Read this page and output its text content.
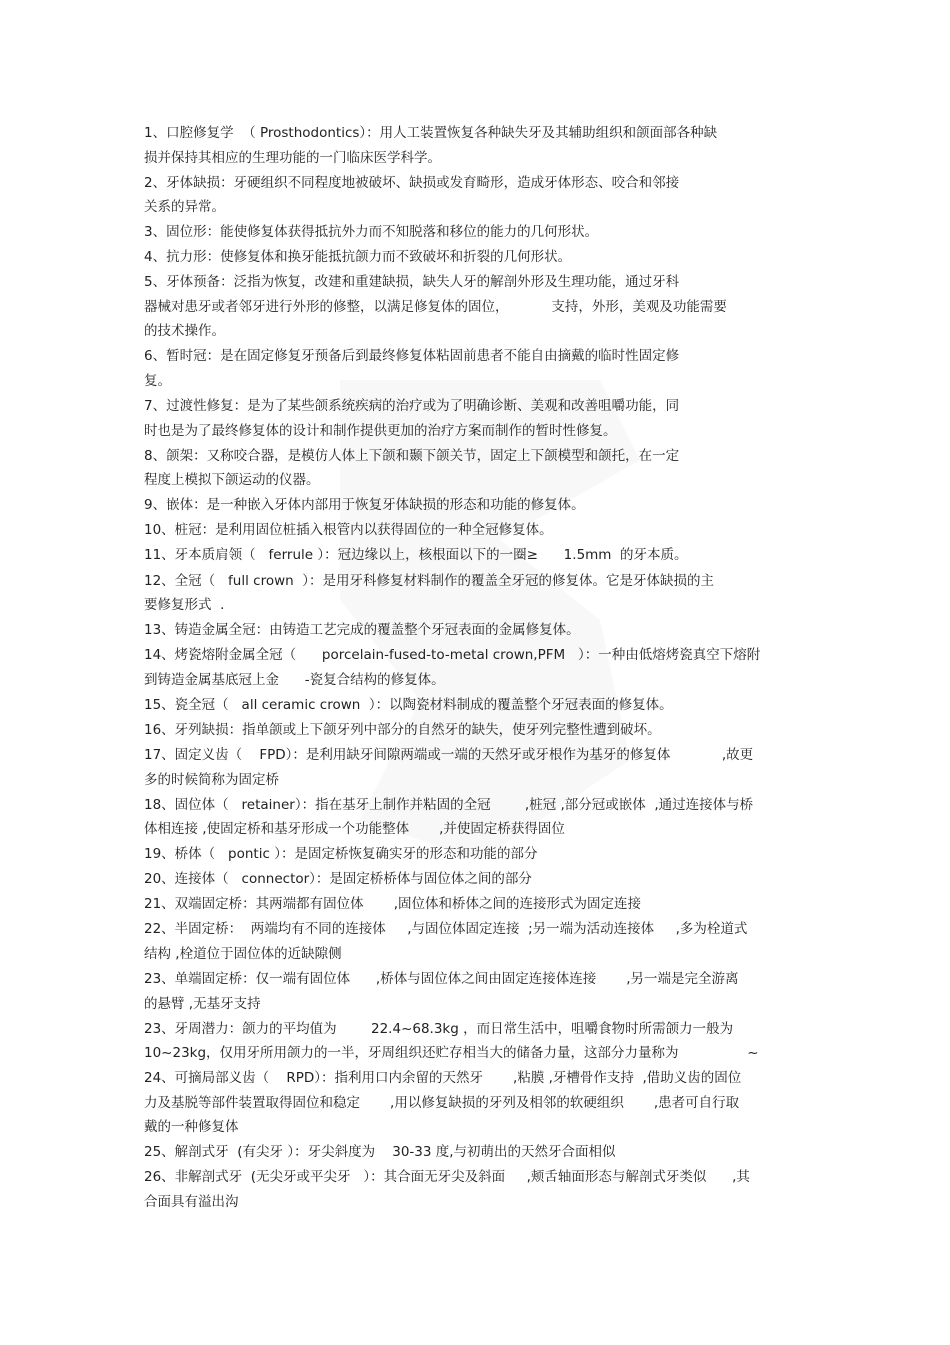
1、口腔修复学  （ Prosthodontics）：用人工装置恢复各种缺失牙及其辅助组织和颌面部各种缺
损并保持其相应的生理功能的一门临床医学科学。
2、牙体缺损：牙硬组织不同程度地被破坏、缺损或发育畸形，造成牙体形态、咬合和邻接
关系的异常。
3、固位形：能使修复体获得抵抗外力而不知脱落和移位的能力的几何形状。
4、抗力形：使修复体和换牙能抵抗颌力而不致破坏和折裂的几何形状。
5、牙体预备：泛指为恢复，改建和重建缺损，缺失人牙的解剖外形及生理功能，通过牙科
器械对患牙或者邻牙进行外形的修整，以满足修复体的固位，          支持，外形，美观及功能需要
的技术操作。
6、暂时冠：是在固定修复牙预备后到最终修复体粘固前患者不能自由摘戴的临时性固定修
复。
7、过渡性修复：是为了某些颌系统疾病的治疗或为了明确诊断、美观和改善咀嚼功能，同
时也是为了最终修复体的设计和制作提供更加的治疗方案而制作的暂时性修复。
8、颌架：又称咬合器，是模仿人体上下颌和颞下颌关节，固定上下颌模型和颌托，在一定
程度上模拟下颌运动的仪器。
9、嵌体：是一种嵌入牙体内部用于恢复牙体缺损的形态和功能的修复体。
10、桩冠：是利用固位桩插入根管内以获得固位的一种全冠修复体。
11、牙本质肩领（   ferrule ）：冠边缘以上，核根面以下的一圈≥      1.5mm  的牙本质。
12、全冠（   full crown  ）：是用牙科修复材料制作的覆盖全牙冠的修复体。它是牙体缺损的主
要修复形式  .
13、铸造金属全冠：由铸造工艺完成的覆盖整个牙冠表面的金属修复体。
14、烤瓷熔附金属全冠（      porcelain-fused-to-metal crown,PFM   ）：一种由低熔烤瓷真空下熔附
到铸造金属基底冠上金      -瓷复合结构的修复体。
15、瓷全冠（   all ceramic crown  ）：以陶瓷材料制成的覆盖整个牙冠表面的修复体。
16、牙列缺损：指单颌或上下颌牙列中部分的自然牙的缺失，使牙列完整性遭到破坏。
17、固定义齿（    FPD）：是利用缺牙间隙两端或一端的天然牙或牙根作为基牙的修复体            ,故更
多的时候简称为固定桥
18、固位体（   retainer）：指在基牙上制作并粘固的全冠        ,桩冠 ,部分冠或嵌体  ,通过连接体与桥
体相连接 ,使固定桥和基牙形成一个功能整体       ,并使固定桥获得固位
19、桥体（   pontic ）：是固定桥恢复确实牙的形态和功能的部分
20、连接体（   connector）：是固定桥桥体与固位体之间的部分
21、双端固定桥：其两端都有固位体       ,固位体和桥体之间的连接形式为固定连接
22、半固定桥：  两端均有不同的连接体     ,与固位体固定连接  ;另一端为活动连接体     ,多为栓道式
结构 ,栓道位于固位体的近缺隙侧
23、单端固定桥：仅一端有固位体      ,桥体与固位体之间由固定连接体连接       ,另一端是完全游离
的悬臂 ,无基牙支持
23、牙周潜力：颌力的平均值为        22.4~68.3kg ，而日常生活中，咀嚼食物时所需颌力一般为
10~23kg，仅用牙所用颌力的一半，牙周组织还贮存相当大的储备力量，这部分力量称为                ~
24、可摘局部义齿（    RPD）：指利用口内余留的天然牙       ,粘膜 ,牙槽骨作支持  ,借助义齿的固位
力及基脱等部件装置取得固位和稳定       ,用以修复缺损的牙列及相邻的软硬组织       ,患者可自行取
戴的一种修复体
25、解剖式牙  (有尖牙 ）：牙尖斜度为    30-33 度,与初萌出的天然牙合面相似
26、非解剖式牙  (无尖牙或平尖牙   ）：其合面无牙尖及斜面     ,颊舌轴面形态与解剖式牙类似      ,其
合面具有溢出沟
